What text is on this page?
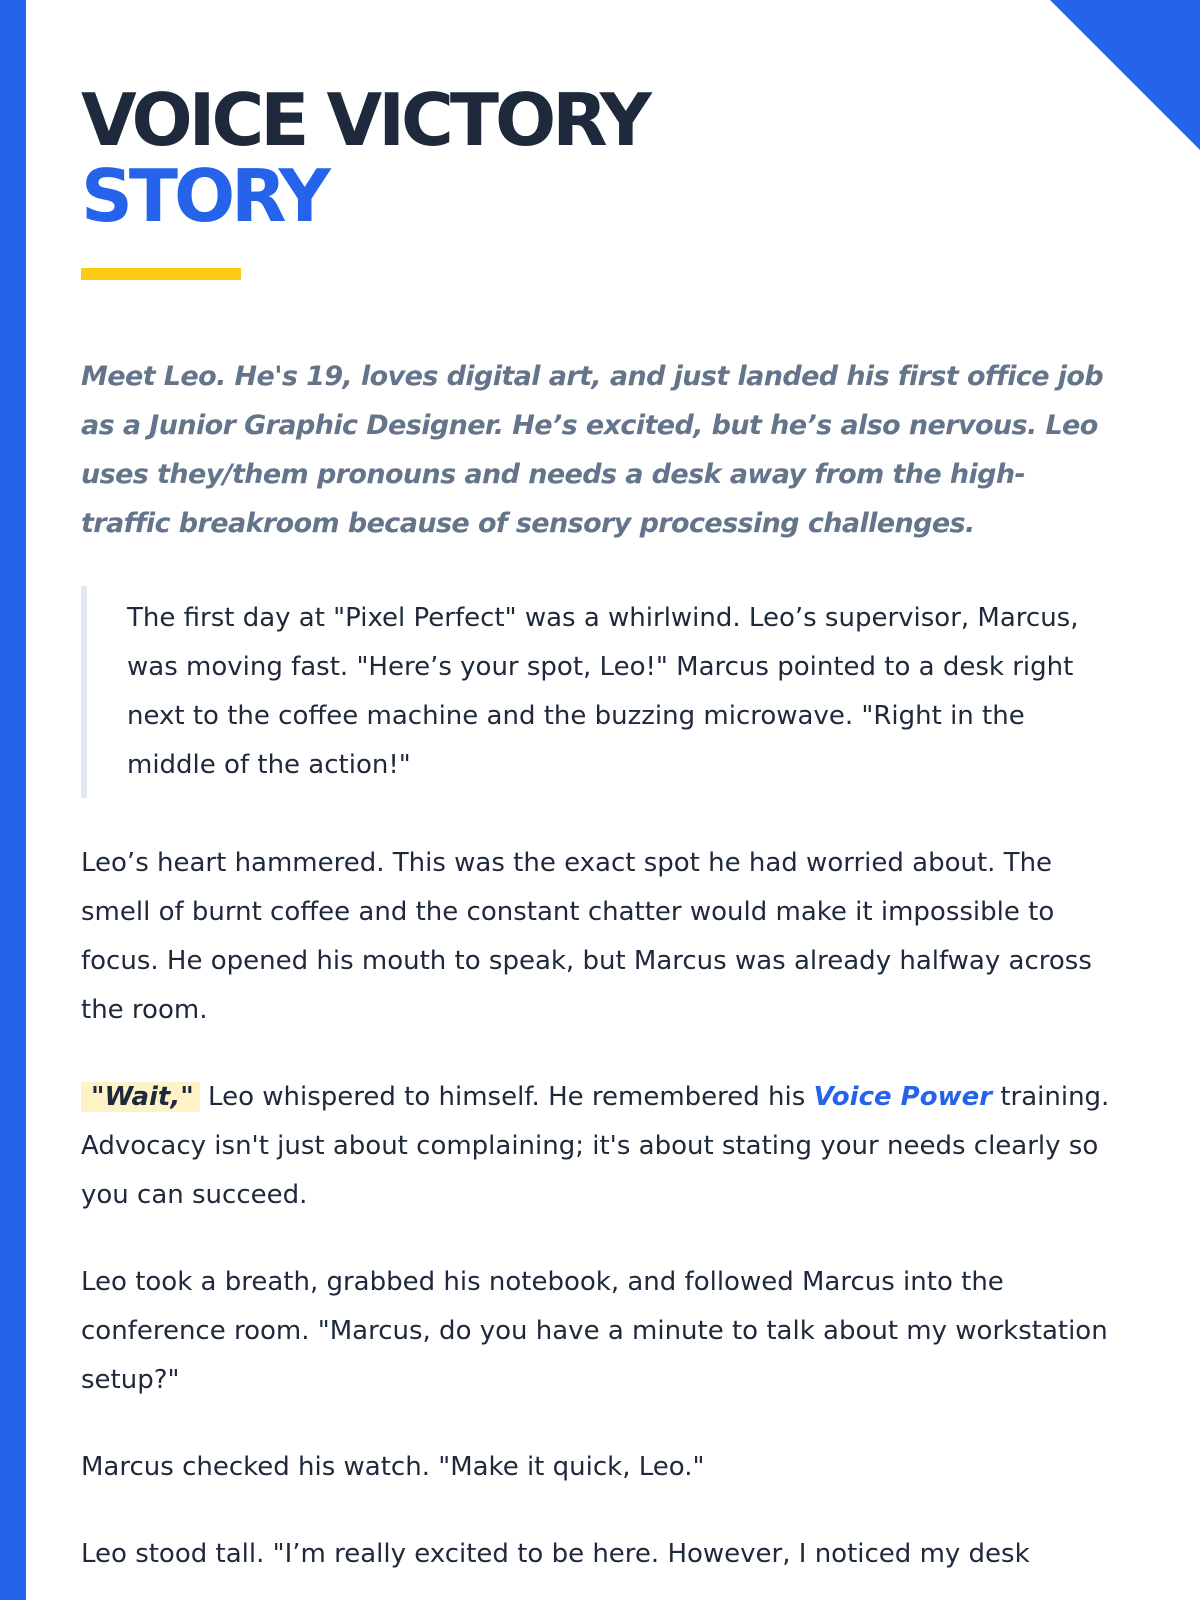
VOICE VICTORY
STORY

Meet Leo. He's 19, loves digital art, and just landed his first office job as a Junior Graphic Designer. He’s excited, but he’s also nervous. Leo uses they/them pronouns and needs a desk away from the high-traffic breakroom because of sensory processing challenges.

The first day at "Pixel Perfect" was a whirlwind. Leo’s supervisor, Marcus, was moving fast. "Here’s your spot, Leo!" Marcus pointed to a desk right next to the coffee machine and the buzzing microwave. "Right in the middle of the action!"

Leo’s heart hammered. This was the exact spot he had worried about. The smell of burnt coffee and the constant chatter would make it impossible to focus. He opened his mouth to speak, but Marcus was already halfway across the room.

"Wait," Leo whispered to himself. He remembered his Voice Power training. Advocacy isn't just about complaining; it's about stating your needs clearly so you can succeed.

Leo took a breath, grabbed his notebook, and followed Marcus into the conference room. "Marcus, do you have a minute to talk about my workstation setup?"

Marcus checked his watch. "Make it quick, Leo."

Leo stood tall. "I’m really excited to be here. However, I noticed my desk
